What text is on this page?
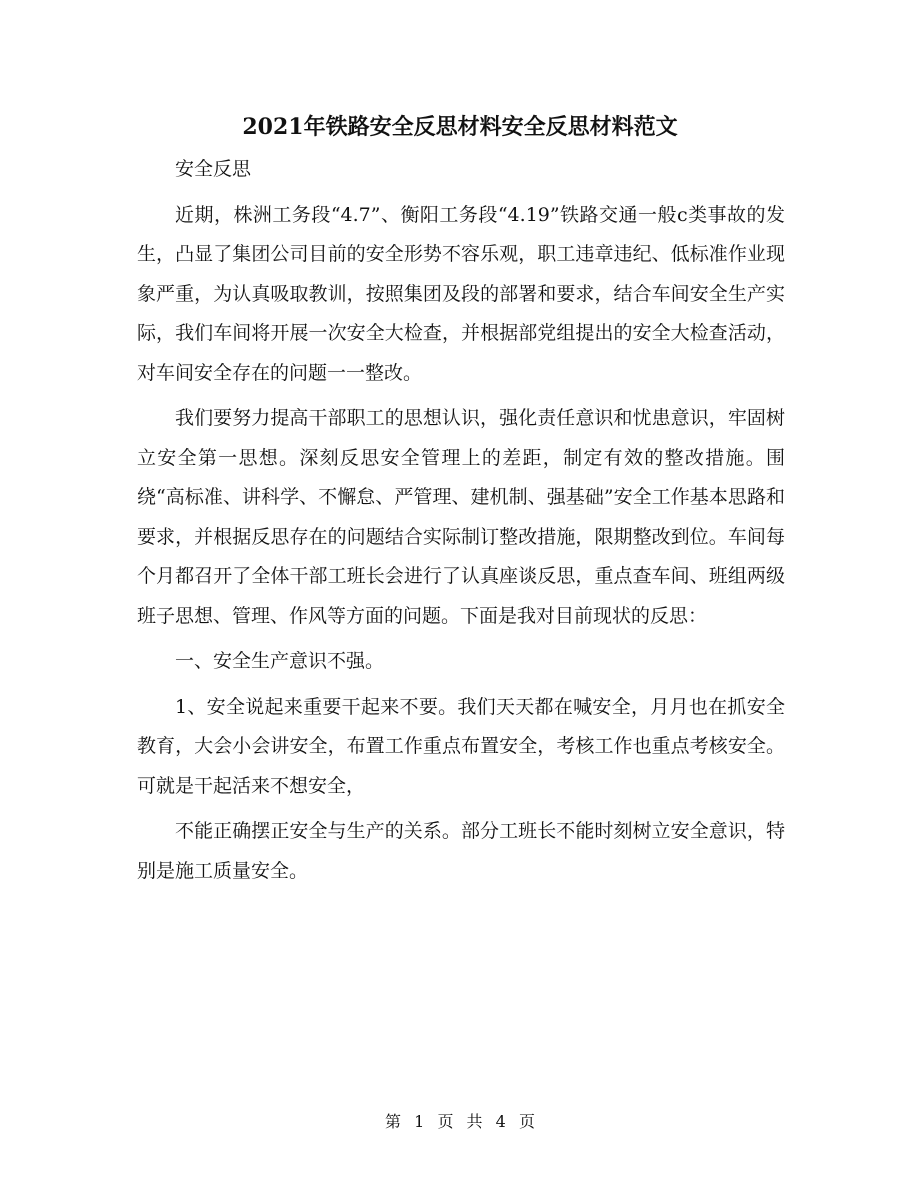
2021年铁路安全反思材料安全反思材料范文

安全反思

近期，株洲工务段“4.7”、衡阳工务段“4.19”铁路交通一般c类事故的发生，凸显了集团公司目前的安全形势不容乐观，职工违章违纪、低标准作业现象严重，为认真吸取教训，按照集团及段的部署和要求，结合车间安全生产实际，我们车间将开展一次安全大检查，并根据部党组提出的安全大检查活动，对车间安全存在的问题一一整改。

我们要努力提高干部职工的思想认识，强化责任意识和忧患意识，牢固树立安全第一思想。深刻反思安全管理上的差距，制定有效的整改措施。围绕“高标准、讲科学、不懈怠、严管理、建机制、强基础”安全工作基本思路和要求，并根据反思存在的问题结合实际制订整改措施，限期整改到位。车间每个月都召开了全体干部工班长会进行了认真座谈反思，重点查车间、班组两级班子思想、管理、作风等方面的问题。下面是我对目前现状的反思：

一、安全生产意识不强。

1、安全说起来重要干起来不要。我们天天都在喊安全，月月也在抓安全教育，大会小会讲安全，布置工作重点布置安全，考核工作也重点考核安全。可就是干起活来不想安全，

不能正确摆正安全与生产的关系。部分工班长不能时刻树立安全意识，特别是施工质量安全。

第 1 页 共 4 页
